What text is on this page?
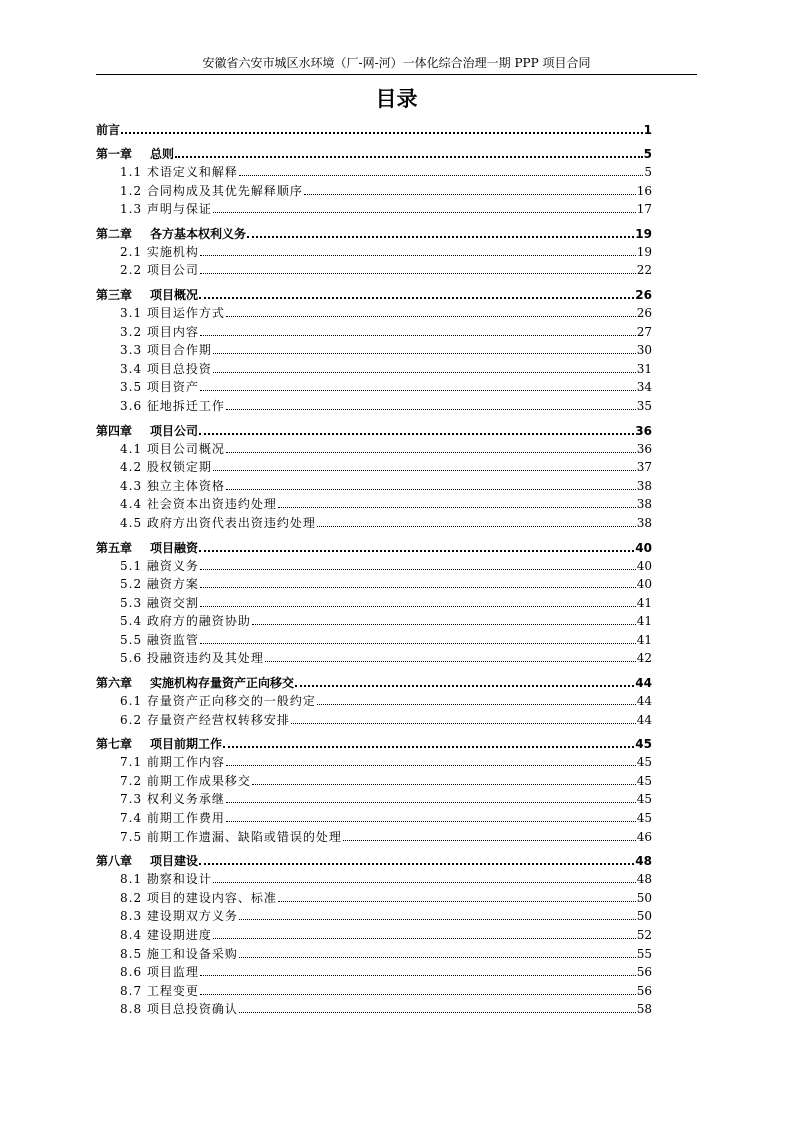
安徽省六安市城区水环境（厂-网-河）一体化综合治理一期 PPP 项目合同
目录
前言	1
第一章 总则	5
1.1 术语定义和解释	5
1.2 合同构成及其优先解释顺序	16
1.3 声明与保证	17
第二章 各方基本权利义务	19
2.1 实施机构	19
2.2 项目公司	22
第三章 项目概况	26
3.1 项目运作方式	26
3.2 项目内容	27
3.3 项目合作期	30
3.4 项目总投资	31
3.5 项目资产	34
3.6 征地拆迁工作	35
第四章 项目公司	36
4.1 项目公司概况	36
4.2 股权锁定期	37
4.3 独立主体资格	38
4.4 社会资本出资违约处理	38
4.5 政府方出资代表出资违约处理	38
第五章 项目融资	40
5.1 融资义务	40
5.2 融资方案	40
5.3 融资交割	41
5.4 政府方的融资协助	41
5.5 融资监管	41
5.6 投融资违约及其处理	42
第六章 实施机构存量资产正向移交	44
6.1 存量资产正向移交的一般约定	44
6.2 存量资产经营权转移安排	44
第七章 项目前期工作	45
7.1 前期工作内容	45
7.2 前期工作成果移交	45
7.3 权利义务承继	45
7.4 前期工作费用	45
7.5 前期工作遗漏、缺陷或错误的处理	46
第八章 项目建设	48
8.1 勘察和设计	48
8.2 项目的建设内容、标准	50
8.3 建设期双方义务	50
8.4 建设期进度	52
8.5 施工和设备采购	55
8.6 项目监理	56
8.7 工程变更	56
8.8 项目总投资确认	58
